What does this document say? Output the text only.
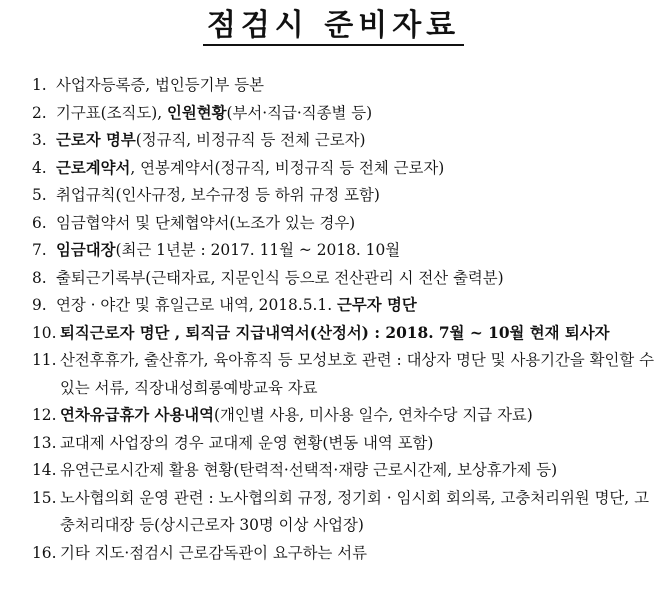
점검시 준비자료
1. 사업자등록증, 법인등기부 등본
2. 기구표(조직도), 인원현황(부서·직급·직종별 등)
3. 근로자 명부(정규직, 비정규직 등 전체 근로자)
4. 근로계약서, 연봉계약서(정규직, 비정규직 등 전체 근로자)
5. 취업규칙(인사규정, 보수규정 등 하위 규정 포함)
6. 임금협약서 및 단체협약서(노조가 있는 경우)
7. 임금대장(최근 1년분 : 2017. 11월 ~ 2018. 10월
8. 출퇴근기록부(근태자료, 지문인식 등으로 전산관리 시 전산 출력분)
9. 연장 · 야간 및 휴일근로 내역, 2018.5.1. 근무자 명단
10. 퇴직근로자 명단 , 퇴직금 지급내역서(산정서) : 2018. 7월 ~ 10월 현재 퇴사자
11. 산전후휴가, 출산휴가, 육아휴직 등 모성보호 관련 : 대상자 명단 및 사용기간을 확인할 수 있는 서류, 직장내성희롱예방교육 자료
12. 연차유급휴가 사용내역(개인별 사용, 미사용 일수, 연차수당 지급 자료)
13. 교대제 사업장의 경우 교대제 운영 현황(변동 내역 포함)
14. 유연근로시간제 활용 현황(탄력적·선택적·재량 근로시간제, 보상휴가제 등)
15. 노사협의회 운영 관련 : 노사협의회 규정, 정기회 · 임시회 회의록, 고충처리위원 명단, 고충처리대장 등(상시근로자 30명 이상 사업장)
16. 기타 지도·점검시 근로감독관이 요구하는 서류
